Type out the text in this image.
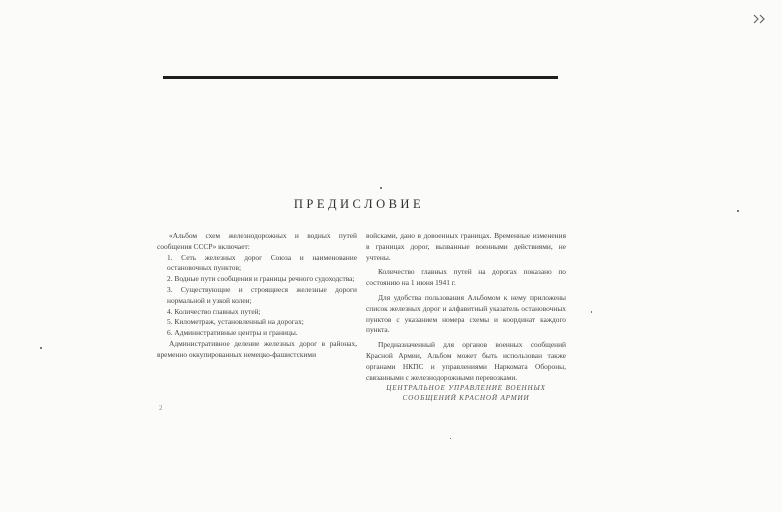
ПРЕДИСЛОВИЕ

«Альбом схем железнодорожных и водных путей сообщения СССР» включает:

1. Сеть железных дорог Союза и наименование остановочных пунктов;

2. Водные пути сообщения и границы речного судоходства;

3. Существующие и строящиеся железные дороги нормальной и узкой колеи;

4. Количество главных путей;

5. Километраж, установленный на дорогах;

6. Административные центры и границы.

Административное деление железных дорог в районах, временно оккупированных немецко-фашистскими

войсками, дано в довоенных границах. Временные изменения в границах дорог, вызванные военными действиями, не учтены.

Количество главных путей на дорогах показано по состоянию на 1 июня 1941 г.

Для удобства пользования Альбомом к нему приложены список железных дорог и алфавитный указатель остановочных пунктов с указанием номера схемы и координат каждого пункта.

Предназначенный для органов военных сообщений Красной Армии, Альбом может быть использован также органами НКПС и управлениями Наркомата Обороны, связанными с железнодорожными перевозками.

ЦЕНТРАЛЬНОЕ УПРАВЛЕНИЕ ВОЕННЫХ

СООБЩЕНИЙ КРАСНОЙ АРМИИ

2
